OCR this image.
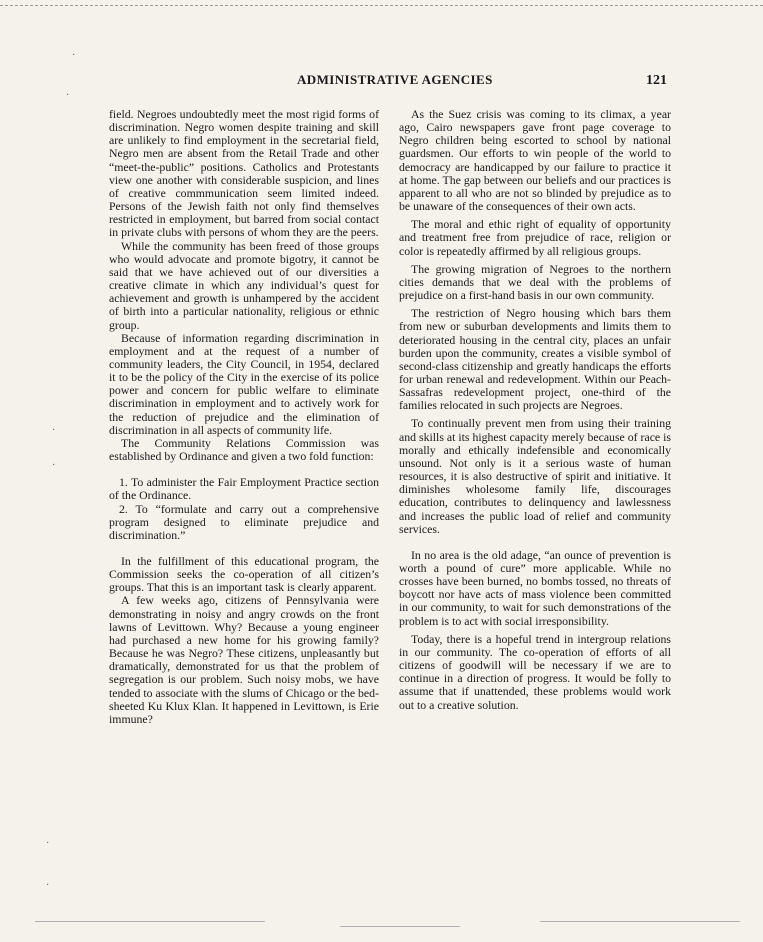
·
·
·
·
·
·
ADMINISTRATIVE AGENCIES	121

field. Negroes undoubtedly meet the most rigid forms of discrimination. Negro women despite training and skill are unlikely to find employment in the secretarial field, Negro men are absent from the Retail Trade and other “meet-the-public” positions. Catholics and Protestants view one another with considerable suspicion, and lines of creative commmunication seem limited indeed. Persons of the Jewish faith not only find themselves restricted in employment, but barred from social contact in private clubs with persons of whom they are the peers.

While the community has been freed of those groups who would advocate and promote bigotry, it cannot be said that we have achieved out of our diversities a creative climate in which any individual’s quest for achievement and growth is unhampered by the accident of birth into a particular nationality, religious or ethnic group.

Because of information regarding discrimination in employment and at the request of a number of community leaders, the City Council, in 1954, declared it to be the policy of the City in the exercise of its police power and concern for public welfare to eliminate discrimination in employment and to actively work for the reduction of prejudice and the elimination of discrimination in all aspects of community life.

The Community Relations Commission was established by Ordinance and given a two fold function:

1. To administer the Fair Employment Practice section of the Ordinance.

2. To “formulate and carry out a comprehensive program designed to eliminate prejudice and discrimination.”

In the fulfillment of this educational program, the Commission seeks the co-operation of all citizen’s groups. That this is an important task is clearly apparent.

A few weeks ago, citizens of Pennsylvania were demonstrating in noisy and angry crowds on the front lawns of Levittown. Why? Because a young engineer had purchased a new home for his growing family? Because he was Negro? These citizens, unpleasantly but dramatically, demonstrated for us that the problem of segregation is our problem. Such noisy mobs, we have tended to associate with the slums of Chicago or the bed-sheeted Ku Klux Klan. It happened in Levittown, is Erie immune?

As the Suez crisis was coming to its climax, a year ago, Cairo newspapers gave front page coverage to Negro children being escorted to school by national guardsmen. Our efforts to win people of the world to democracy are handicapped by our failure to practice it at home. The gap between our beliefs and our practices is apparent to all who are not so blinded by prejudice as to be unaware of the consequences of their own acts.

The moral and ethic right of equality of opportunity and treatment free from prejudice of race, religion or color is repeatedly affirmed by all religious groups.

The growing migration of Negroes to the northern cities demands that we deal with the problems of prejudice on a first-hand basis in our own community.

The restriction of Negro housing which bars them from new or suburban developments and limits them to deteriorated housing in the central city, places an unfair burden upon the community, creates a visible symbol of second-class citizenship and greatly handicaps the efforts for urban renewal and redevelopment. Within our Peach-Sassafras redevelopment project, one-third of the families relocated in such projects are Negroes.

To continually prevent men from using their training and skills at its highest capacity merely because of race is morally and ethically indefensible and economically unsound. Not only is it a serious waste of human resources, it is also destructive of spirit and initiative. It diminishes wholesome family life, discourages education, contributes to delinquency and lawlessness and increases the public load of relief and community services.

In no area is the old adage, “an ounce of prevention is worth a pound of cure” more applicable. While no crosses have been burned, no bombs tossed, no threats of boycott nor have acts of mass violence been committed in our community, to wait for such demonstrations of the problem is to act with social irresponsibility.

Today, there is a hopeful trend in intergroup relations in our community. The co-operation of efforts of all citizens of goodwill will be necessary if we are to continue in a direction of progress. It would be folly to assume that if unattended, these problems would work out to a creative solution.
